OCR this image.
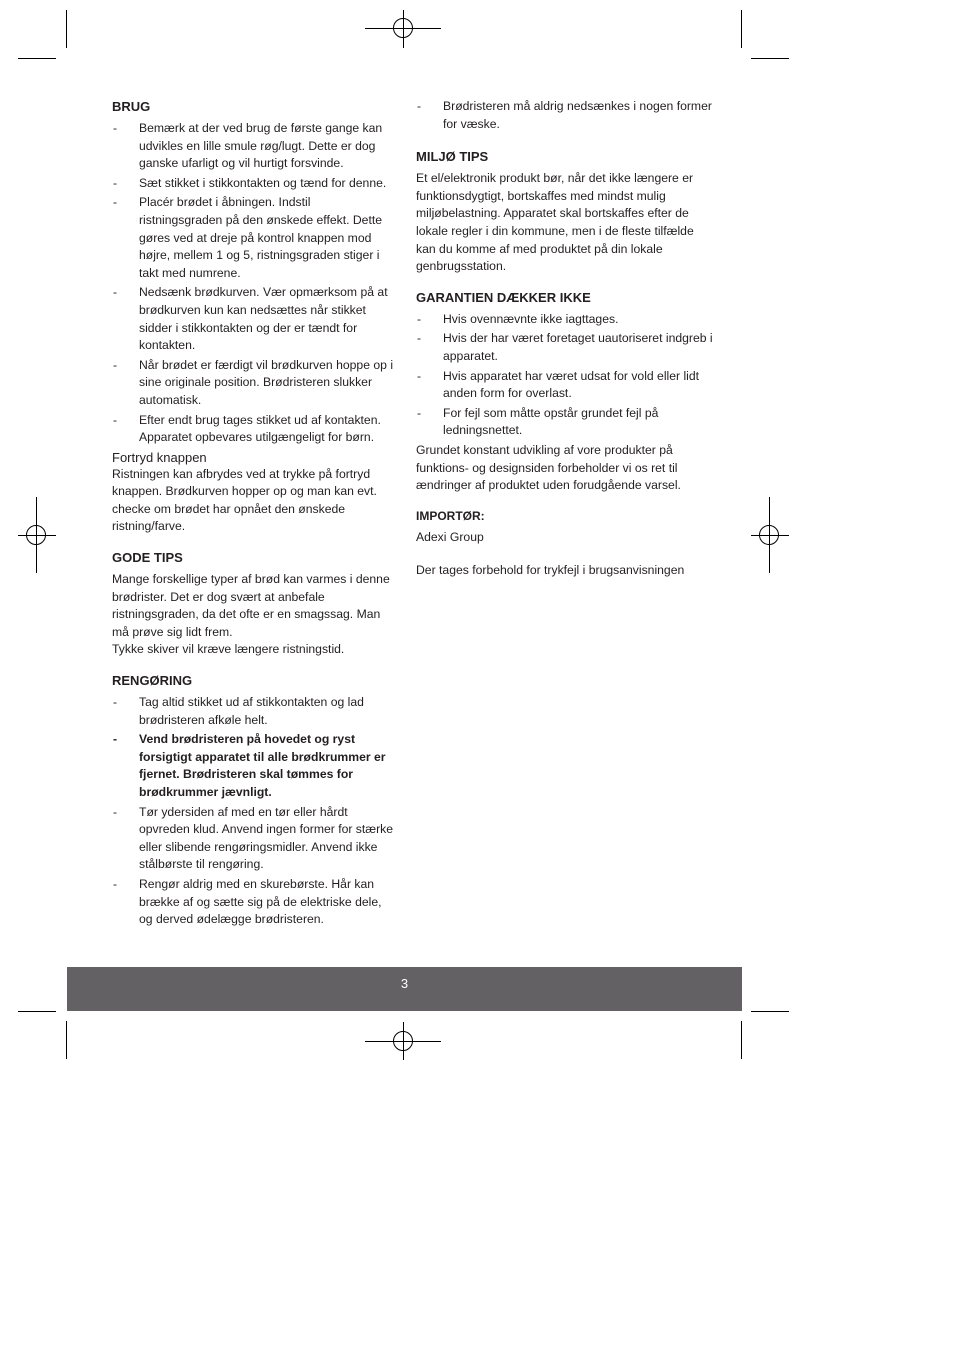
BRUG
- Bemærk at der ved brug de første gange kan udvikles en lille smule røg/lugt. Dette er dog ganske ufarligt og vil hurtigt forsvinde.
- Sæt stikket i stikkontakten og tænd for denne.
- Placér brødet i åbningen. Indstil ristningsgraden på den ønskede effekt. Dette gøres ved at dreje på kontrol knappen mod højre, mellem 1 og 5, ristningsgraden stiger i takt med numrene.
- Nedsænk brødkurven. Vær opmærksom på at brødkurven kun kan nedsættes når stikket sidder i stikkontakten og der er tændt for kontakten.
- Når brødet er færdigt vil brødkurven hoppe op i sine originale position. Brødristeren slukker automatisk.
- Efter endt brug tages stikket ud af kontakten. Apparatet opbevares utilgængeligt for børn.
Fortryd knappen

Ristningen kan afbrydes ved at trykke på fortryd knappen. Brødkurven hopper op og man kan evt. checke om brødet har opnået den ønskede ristning/farve.

GODE TIPS

Mange forskellige typer af brød kan varmes i denne brødrister. Det er dog svært at anbefale ristningsgraden, da det ofte er en smagssag. Man må prøve sig lidt frem.

Tykke skiver vil kræve længere ristningstid.

RENGØRING
- Tag altid stikket ud af stikkontakten og lad brødristeren afkøle helt.
- Vend brødristeren på hovedet og ryst forsigtigt apparatet til alle brødkrummer er fjernet. Brødristeren skal tømmes for brødkrummer jævnligt.
- Tør ydersiden af med en tør eller hårdt opvreden klud. Anvend ingen former for stærke eller slibende rengøringsmidler. Anvend ikke stålbørste til rengøring.
- Rengør aldrig med en skurebørste. Hår kan brække af og sætte sig på de elektriske dele, og derved ødelægge brødristeren.
- Brødristeren må aldrig nedsænkes i nogen former for væske.
MILJØ TIPS

Et el/elektronik produkt bør, når det ikke længere er funktionsdygtigt, bortskaffes med mindst mulig miljøbelastning. Apparatet skal bortskaffes efter de lokale regler i din kommune, men i de fleste tilfælde kan du komme af med produktet på din lokale genbrugsstation.

GARANTIEN DÆKKER IKKE
- Hvis ovennævnte ikke iagttages.
- Hvis der har været foretaget uautoriseret indgreb i apparatet.
- Hvis apparatet har været udsat for vold eller lidt anden form for overlast.
- For fejl som måtte opstår grundet fejl på ledningsnettet.

Grundet konstant udvikling af vore produkter på funktions- og designsiden forbeholder vi os ret til ændringer af produktet uden forudgående varsel.

IMPORTØR:

Adexi Group

Der tages forbehold for trykfejl i brugsanvisningen

3
